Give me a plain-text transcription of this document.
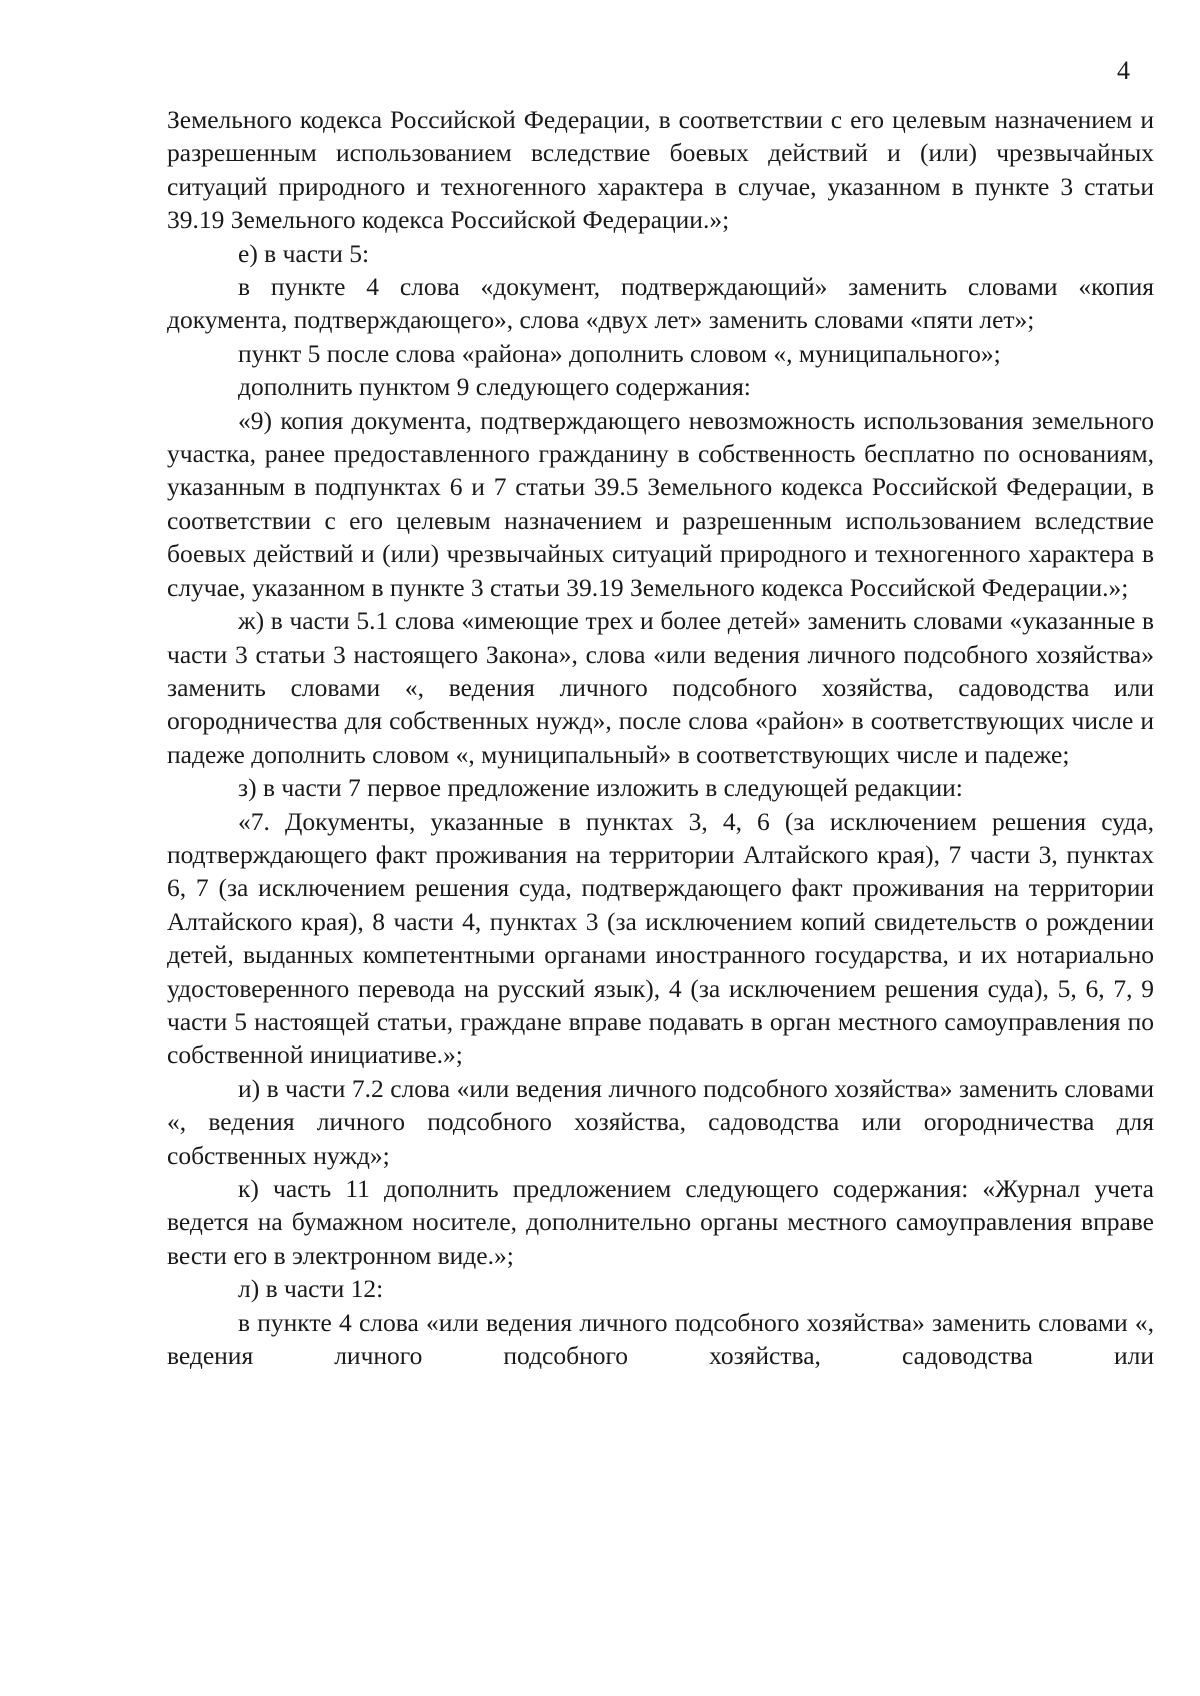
4

Земельного кодекса Российской Федерации, в соответствии с его целевым назначением и разрешенным использованием вследствие боевых действий и (или) чрезвычайных ситуаций природного и техногенного характера в случае, указанном в пункте 3 статьи 39.19 Земельного кодекса Российской Федерации.»;

е) в части 5:

в пункте 4 слова «документ, подтверждающий» заменить словами «копия документа, подтверждающего», слова «двух лет» заменить словами «пяти лет»;

пункт 5 после слова «района» дополнить словом «, муниципального»;

дополнить пунктом 9 следующего содержания:

«9) копия документа, подтверждающего невозможность использования земельного участка, ранее предоставленного гражданину в собственность бесплатно по основаниям, указанным в подпунктах 6 и 7 статьи 39.5 Земельного кодекса Российской Федерации, в соответствии с его целевым назначением и разрешенным использованием вследствие боевых действий и (или) чрезвычайных ситуаций природного и техногенного характера в случае, указанном в пункте 3 статьи 39.19 Земельного кодекса Российской Федерации.»;

ж) в части 5.1 слова «имеющие трех и более детей» заменить словами «указанные в части 3 статьи 3 настоящего Закона», слова «или ведения личного подсобного хозяйства» заменить словами «, ведения личного подсобного хозяйства, садоводства или огородничества для собственных нужд», после слова «район» в соответствующих числе и падеже дополнить словом «, муниципальный» в соответствующих числе и падеже;

з) в части 7 первое предложение изложить в следующей редакции:

«7. Документы, указанные в пунктах 3, 4, 6 (за исключением решения суда, подтверждающего факт проживания на территории Алтайского края), 7 части 3, пунктах 6, 7 (за исключением решения суда, подтверждающего факт проживания на территории Алтайского края), 8 части 4, пунктах 3 (за исключением копий свидетельств о рождении детей, выданных компетентными органами иностранного государства, и их нотариально удостоверенного перевода на русский язык), 4 (за исключением решения суда), 5, 6, 7, 9 части 5 настоящей статьи, граждане вправе подавать в орган местного самоуправления по собственной инициативе.»;

и) в части 7.2 слова «или ведения личного подсобного хозяйства» заменить словами «, ведения личного подсобного хозяйства, садоводства или огородничества для собственных нужд»;

к) часть 11 дополнить предложением следующего содержания: «Журнал учета ведется на бумажном носителе, дополнительно органы местного самоуправления вправе вести его в электронном виде.»;

л) в части 12:

в пункте 4 слова «или ведения личного подсобного хозяйства» заменить словами «, ведения личного подсобного хозяйства, садоводства или
